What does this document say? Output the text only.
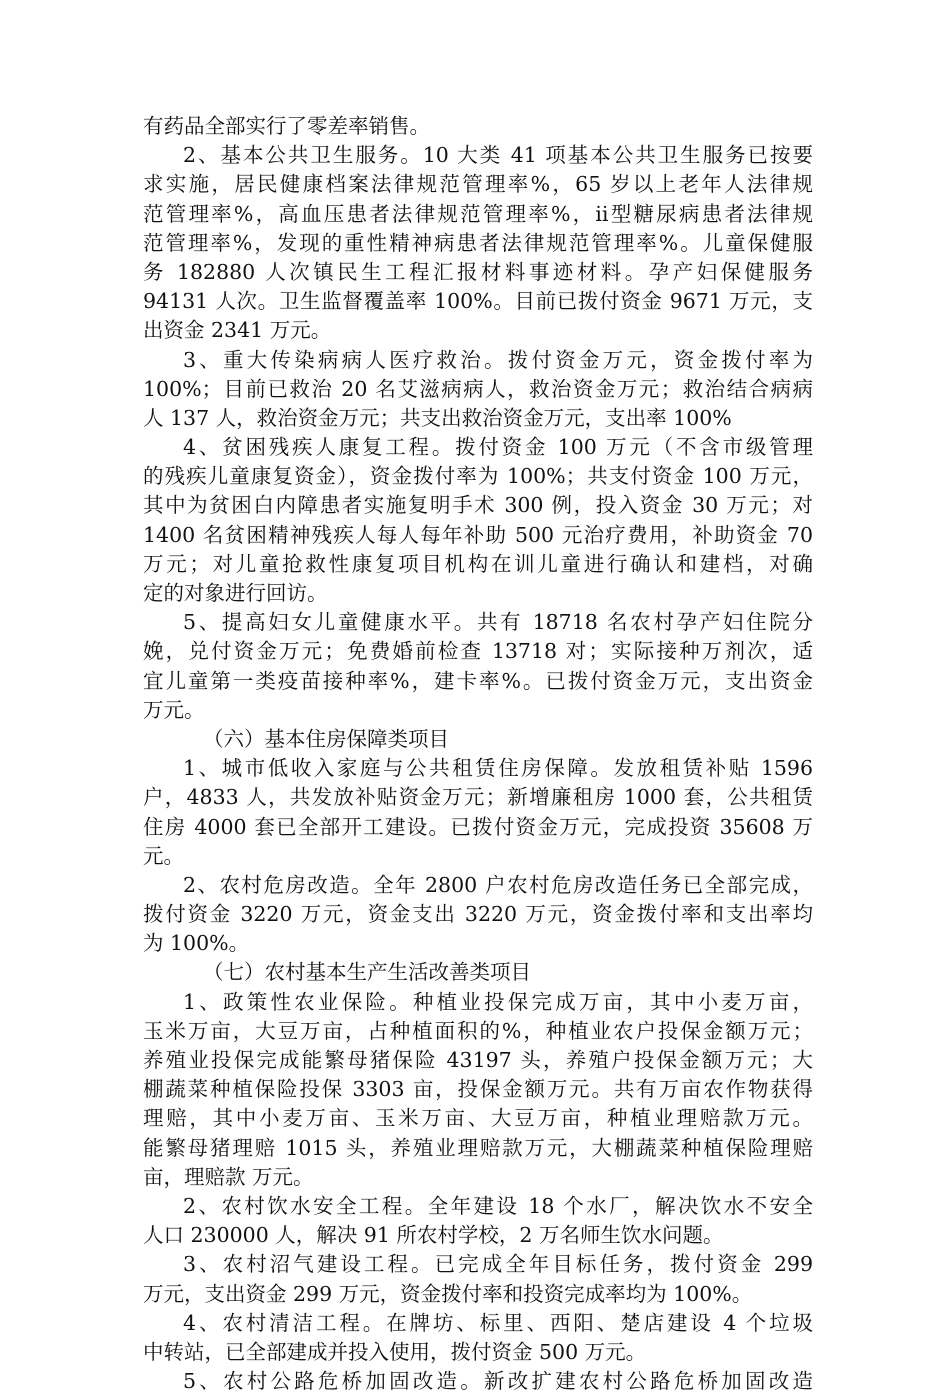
有药品全部实行了零差率销售。
2、基本公共卫生服务。10 大类 41 项基本公共卫生服务已按要
求实施，居民健康档案法律规范管理率%，65 岁以上老年人法律规
范管理率%，高血压患者法律规范管理率%，ⅱ型糖尿病患者法律规
范管理率%，发现的重性精神病患者法律规范管理率%。儿童保健服
务 182880 人次镇民生工程汇报材料事迹材料。孕产妇保健服务
94131 人次。卫生监督覆盖率 100%。目前已拨付资金 9671 万元，支
出资金 2341 万元。
3、重大传染病病人医疗救治。拨付资金万元，资金拨付率为
100%；目前已救治 20 名艾滋病病人，救治资金万元；救治结合病病
人 137 人，救治资金万元；共支出救治资金万元，支出率 100%
4、贫困残疾人康复工程。拨付资金 100 万元（不含市级管理
的残疾儿童康复资金），资金拨付率为 100%；共支付资金 100 万元，
其中为贫困白内障患者实施复明手术 300 例，投入资金 30 万元；对
1400 名贫困精神残疾人每人每年补助 500 元治疗费用，补助资金 70
万元；对儿童抢救性康复项目机构在训儿童进行确认和建档，对确
定的对象进行回访。
5、提高妇女儿童健康水平。共有 18718 名农村孕产妇住院分
娩，兑付资金万元；免费婚前检查 13718 对；实际接种万剂次，适
宜儿童第一类疫苗接种率%，建卡率%。已拨付资金万元，支出资金
万元。
（六）基本住房保障类项目
1、城市低收入家庭与公共租赁住房保障。发放租赁补贴 1596
户，4833 人，共发放补贴资金万元；新增廉租房 1000 套，公共租赁
住房 4000 套已全部开工建设。已拨付资金万元，完成投资 35608 万
元。
2、农村危房改造。全年 2800 户农村危房改造任务已全部完成，
拨付资金 3220 万元，资金支出 3220 万元，资金拨付率和支出率均
为 100%。
（七）农村基本生产生活改善类项目
1、政策性农业保险。种植业投保完成万亩，其中小麦万亩，
玉米万亩，大豆万亩，占种植面积的%，种植业农户投保金额万元；
养殖业投保完成能繁母猪保险 43197 头，养殖户投保金额万元；大
棚蔬菜种植保险投保 3303 亩，投保金额万元。共有万亩农作物获得
理赔，其中小麦万亩、玉米万亩、大豆万亩，种植业理赔款万元。
能繁母猪理赔 1015 头，养殖业理赔款万元，大棚蔬菜种植保险理赔
亩，理赔款 万元。
2、农村饮水安全工程。全年建设 18 个水厂，解决饮水不安全
人口 230000 人，解决 91 所农村学校，2 万名师生饮水问题。
3、农村沼气建设工程。已完成全年目标任务，拨付资金 299
万元，支出资金 299 万元，资金拨付率和投资完成率均为 100%。
4、农村清洁工程。在牌坊、标里、西阳、楚店建设 4 个垃圾
中转站，已全部建成并投入使用，拨付资金 500 万元。
5、农村公路危桥加固改造。新改扩建农村公路危桥加固改造
